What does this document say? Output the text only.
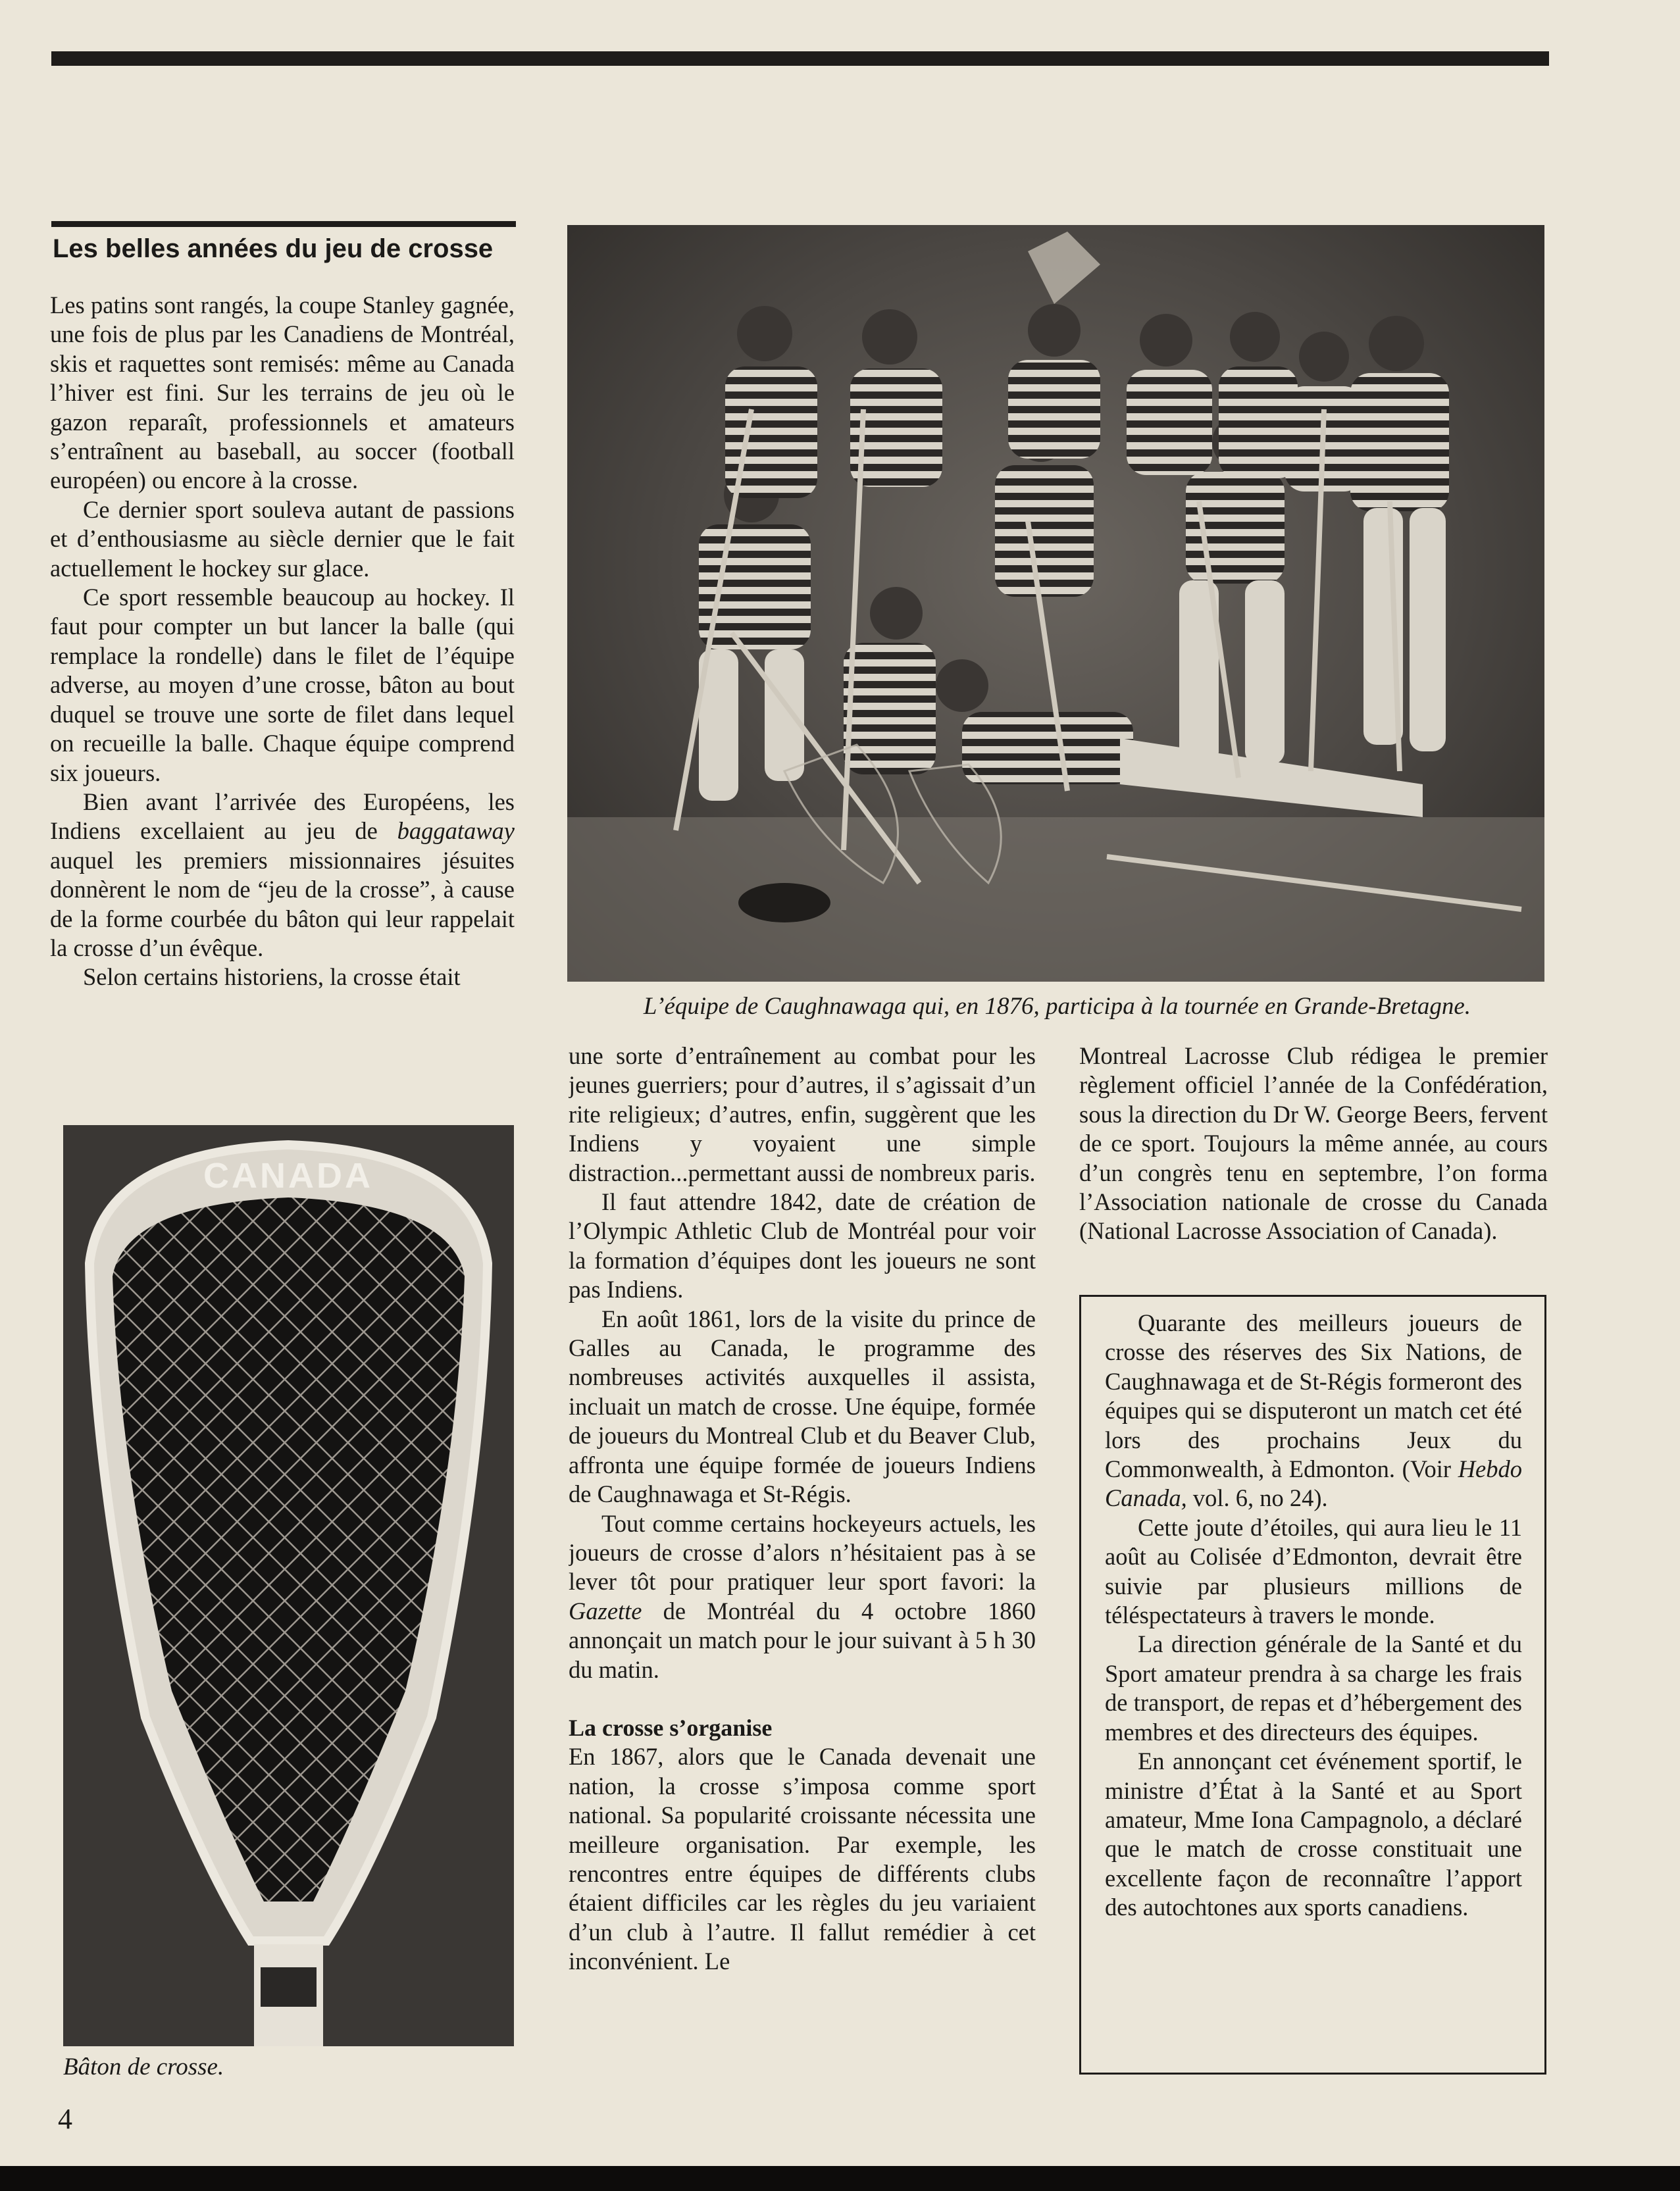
Les belles années du jeu de crosse

Les patins sont rangés, la coupe Stanley gagnée, une fois de plus par les Canadiens de Montréal, skis et raquettes sont remisés: même au Canada l’hiver est fini. Sur les terrains de jeu où le gazon reparaît, professionnels et amateurs s’entraînent au baseball, au soccer (football européen) ou encore à la crosse.

Ce dernier sport souleva autant de passions et d’enthousiasme au siècle dernier que le fait actuellement le hockey sur glace.

Ce sport ressemble beaucoup au hockey. Il faut pour compter un but lancer la balle (qui remplace la rondelle) dans le filet de l’équipe adverse, au moyen d’une crosse, bâton au bout duquel se trouve une sorte de filet dans lequel on recueille la balle. Chaque équipe comprend six joueurs.

Bien avant l’arrivée des Européens, les Indiens excellaient au jeu de baggataway auquel les premiers missionnaires jésuites donnèrent le nom de “jeu de la crosse”, à cause de la forme courbée du bâton qui leur rappelait la crosse d’un évêque.

Selon certains historiens, la crosse était

L’équipe de Caughnawaga qui, en 1876, participa à la tournée en Grande-Bretagne.
CANADA
Bâton de crosse.

une sorte d’entraînement au combat pour les jeunes guerriers; pour d’autres, il s’agissait d’un rite religieux; d’autres, enfin, suggèrent que les Indiens y voyaient une simple distraction...permettant aussi de nombreux paris.

Il faut attendre 1842, date de création de l’Olympic Athletic Club de Montréal pour voir la formation d’équipes dont les joueurs ne sont pas Indiens.

En août 1861, lors de la visite du prince de Galles au Canada, le programme des nombreuses activités auxquelles il assista, incluait un match de crosse. Une équipe, formée de joueurs du Montreal Club et du Beaver Club, affronta une équipe formée de joueurs Indiens de Caughnawaga et St-Régis.

Tout comme certains hockeyeurs actuels, les joueurs de crosse d’alors n’hésitaient pas à se lever tôt pour pratiquer leur sport favori: la Gazette de Montréal du 4 octobre 1860 annonçait un match pour le jour suivant à 5 h 30 du matin.

La crosse s’organise

En 1867, alors que le Canada devenait une nation, la crosse s’imposa comme sport national. Sa popularité croissante nécessita une meilleure organisation. Par exemple, les rencontres entre équipes de différents clubs étaient difficiles car les règles du jeu variaient d’un club à l’autre. Il fallut remédier à cet inconvénient. Le

Montreal Lacrosse Club rédigea le premier règlement officiel l’année de la Confédération, sous la direction du Dr W. George Beers, fervent de ce sport. Toujours la même année, au cours d’un congrès tenu en septembre, l’on forma l’Association nationale de crosse du Canada (National Lacrosse Association of Canada).

Quarante des meilleurs joueurs de crosse des réserves des Six Nations, de Caughnawaga et de St-Régis formeront des équipes qui se disputeront un match cet été lors des prochains Jeux du Commonwealth, à Edmonton. (Voir Hebdo Canada, vol. 6, no 24).

Cette joute d’étoiles, qui aura lieu le 11 août au Colisée d’Edmonton, devrait être suivie par plusieurs millions de téléspectateurs à travers le monde.

La direction générale de la Santé et du Sport amateur prendra à sa charge les frais de transport, de repas et d’hébergement des membres et des directeurs des équipes.

En annonçant cet événement sportif, le ministre d’État à la Santé et au Sport amateur, Mme Iona Campagnolo, a déclaré que le match de crosse constituait une excellente façon de reconnaître l’apport des autochtones aux sports canadiens.

4
